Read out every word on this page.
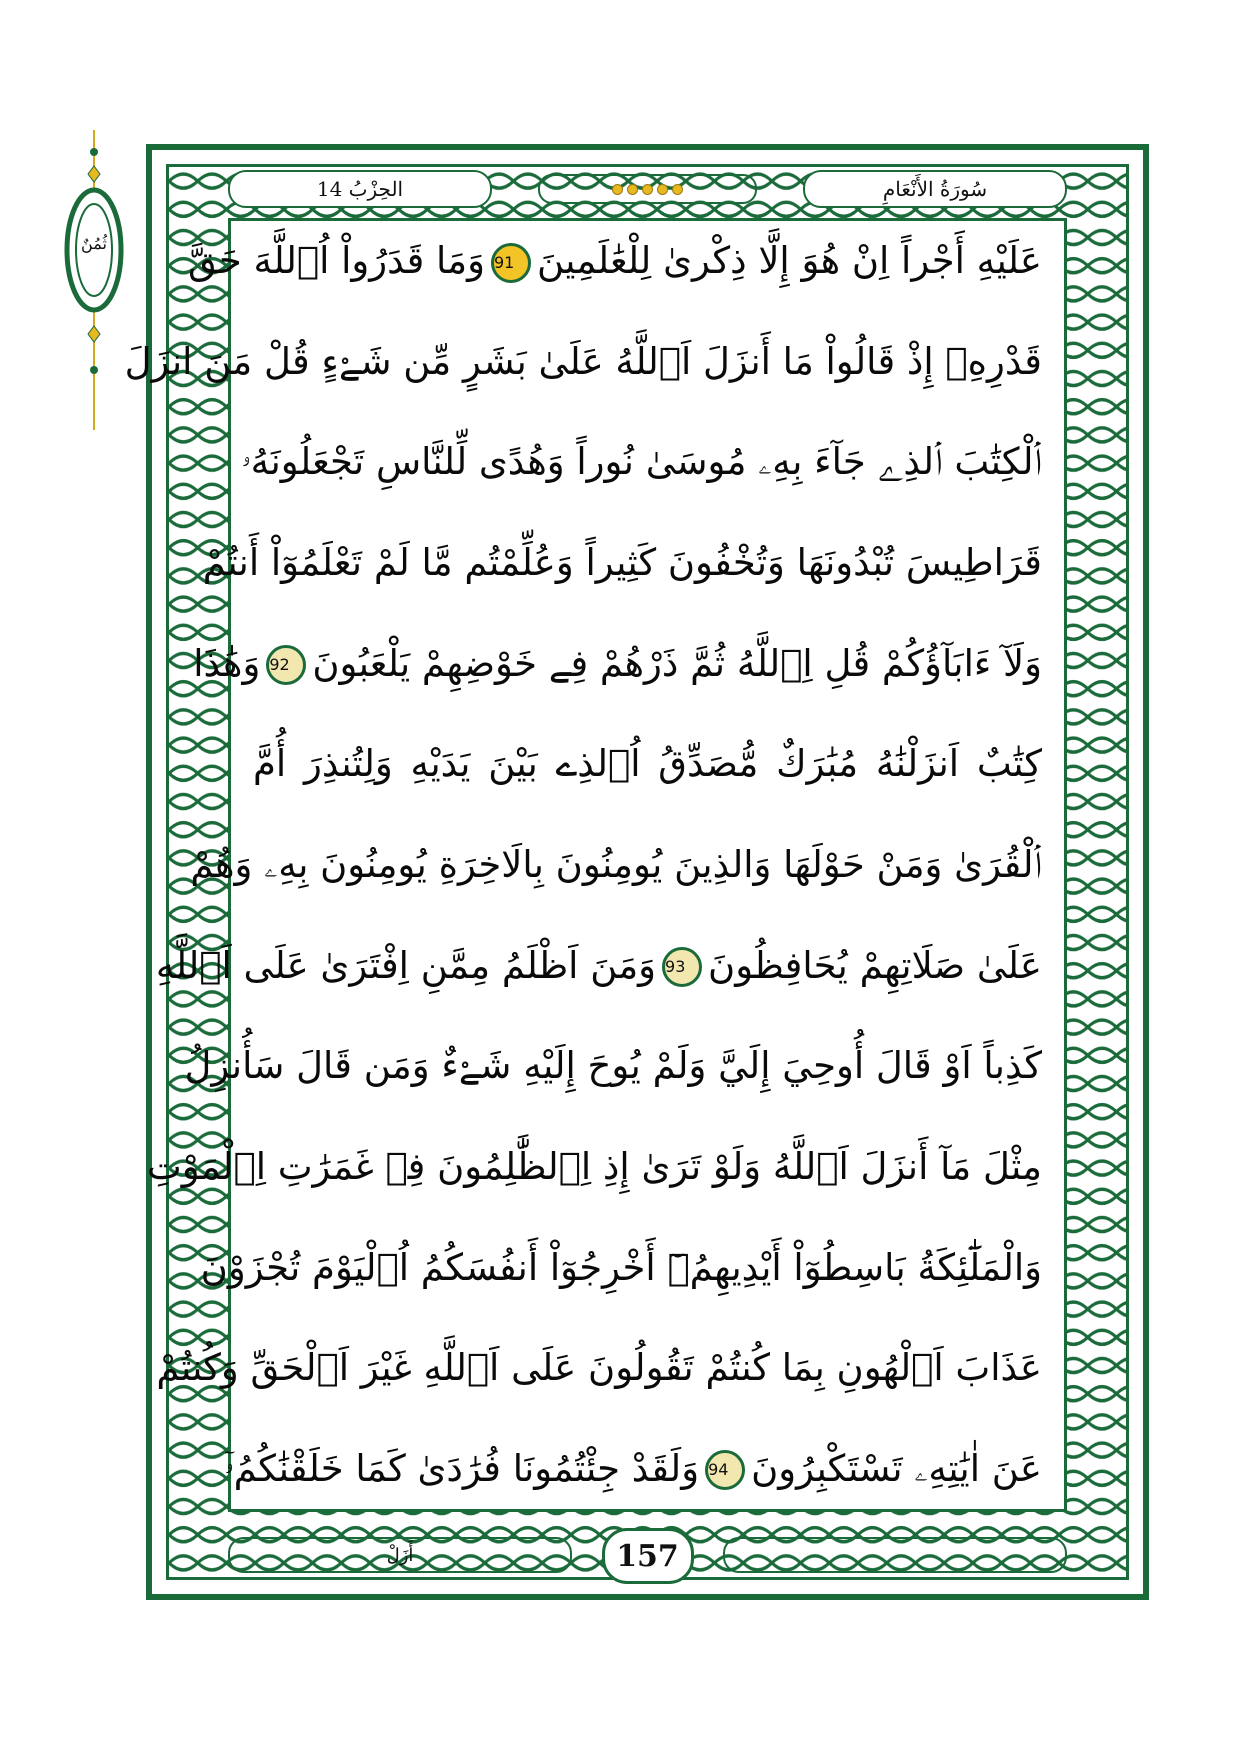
ثُمُنٌ
سُورَةُ الأَنْعَامِ
الحِزْبُ 14
عَلَيْهِ أَجْراً اِنْ هُوَ إِلَّا ذِكْرىٰ لِلْعَٰلَمِينَ91وَمَا قَدَرُواْ اُ۬للَّهَ حَقَّ
قَدْرِهِۦ إِذْ قَالُواْ مَا أَنزَلَ اَ۬للَّهُ عَلَىٰ بَشَرٍ مِّن شَےْءٍ قُلْ مَنَ انزَلَ
اَ۬لْكِتَٰبَ اَ۬لذِے جَآءَ بِهِۦ مُوسَىٰ نُوراً وَهُدًى لِّلنَّاسِ تَجْعَلُونَهُۥ
قَرَاطِيسَ تُبْدُونَهَا وَتُخْفُونَ كَثِيراً وَعُلِّمْتُم مَّا لَمْ تَعْلَمُوٓاْ أَنتُمْ
وَلَآ ءَابَآؤُكُمْ قُلِ اِ۬للَّهُ ثُمَّ ذَرْهُمْ فِے خَوْضِهِمْ يَلْعَبُونَ92وَهَٰذَا
كِتَٰبٌ اَنزَلْنَٰهُ مُبَٰرَكٌ مُّصَدِّقُ اُ۬لذِے بَيْنَ يَدَيْهِ وَلِتُنذِرَ أُمَّ
اَ۬لْقُرَىٰ وَمَنْ حَوْلَهَا وَالذِينَ يُومِنُونَ بِالَاخِرَةِ يُومِنُونَ بِهِۦ وَهُمْ
عَلَىٰ صَلَاتِهِمْ يُحَافِظُونَ93وَمَنَ اَظْلَمُ مِمَّنِ اِفْتَرَىٰ عَلَى اَ۬للَّهِ
كَذِباً اَوْ قَالَ أُوحِيَ إِلَيَّ وَلَمْ يُوحَ إِلَيْهِ شَےْءٌ وَمَن قَالَ سَأُنزِلُ
مِثْلَ مَآ أَنزَلَ اَ۬للَّهُ وَلَوْ تَرَىٰ إِذِ اِ۬لظَّٰلِمُونَ فِے غَمَرَٰتِ اِ۬لْمَوْتِ
وَالْمَلَٰٓئِكَةُ بَاسِطُوٓاْ أَيْدِيهِمُۥٓ أَخْرِجُوٓاْ أَنفُسَكُمُ اُ۬لْيَوْمَ تُجْزَوْنَ
عَذَابَ اَ۬لْهُونِ بِمَا كُنتُمْ تَقُولُونَ عَلَى اَ۬للَّهِ غَيْرَ اَ۬لْحَقِّ وَكُنتُمْ
عَنَ اٰيَٰتِهِۦ تَسْتَكْبِرُونَ94وَلَقَدْ جِئْتُمُونَا فُرَٰدَىٰ كَمَا خَلَقْنَٰكُمُۥٓ
أَزَلْ	157
